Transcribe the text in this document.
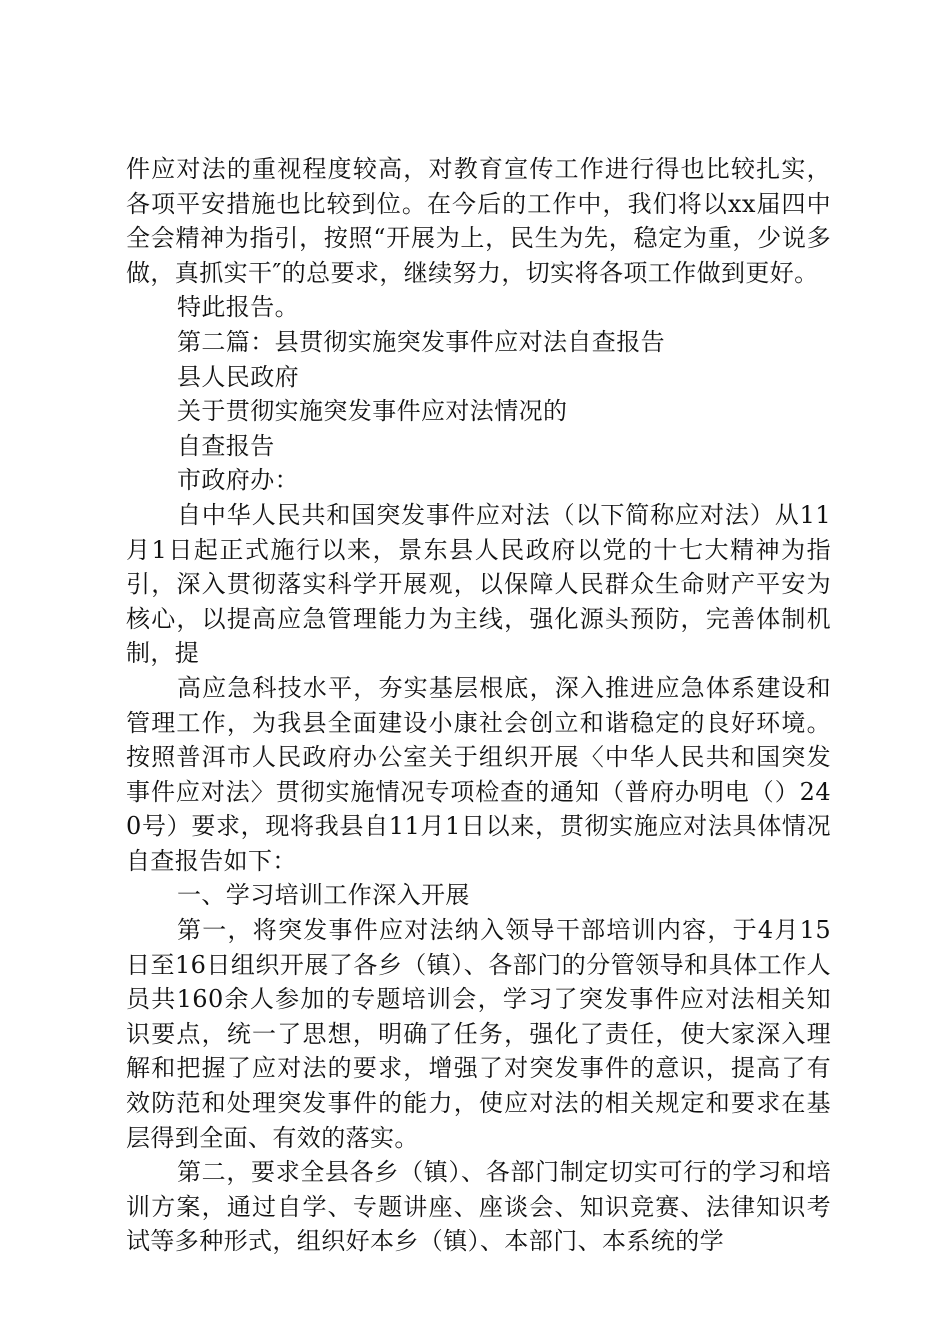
件应对法的重视程度较高，对教育宣传工作进行得也比较扎实，各项平安措施也比较到位。在今后的工作中，我们将以xx届四中全会精神为指引，按照“开展为上，民生为先，稳定为重，少说多做，真抓实干″的总要求，继续努力，切实将各项工作做到更好。

特此报告。

第二篇：县贯彻实施突发事件应对法自查报告

县人民政府

关于贯彻实施突发事件应对法情况的

自查报告

市政府办：

自中华人民共和国突发事件应对法（以下简称应对法）从11月1日起正式施行以来，景东县人民政府以党的十七大精神为指引，深入贯彻落实科学开展观，以保障人民群众生命财产平安为核心，以提高应急管理能力为主线，强化源头预防，完善体制机制，提

高应急科技水平，夯实基层根底，深入推进应急体系建设和管理工作，为我县全面建设小康社会创立和谐稳定的良好环境。按照普洱市人民政府办公室关于组织开展〈中华人民共和国突发事件应对法〉贯彻实施情况专项检查的通知（普府办明电（）240号）要求，现将我县自11月1日以来，贯彻实施应对法具体情况自查报告如下：

一、学习培训工作深入开展

第一，将突发事件应对法纳入领导干部培训内容，于4月15日至16日组织开展了各乡（镇）、各部门的分管领导和具体工作人员共160余人参加的专题培训会，学习了突发事件应对法相关知识要点，统一了思想，明确了任务，强化了责任，使大家深入理解和把握了应对法的要求，增强了对突发事件的意识，提高了有效防范和处理突发事件的能力，使应对法的相关规定和要求在基层得到全面、有效的落实。

第二，要求全县各乡（镇）、各部门制定切实可行的学习和培训方案，通过自学、专题讲座、座谈会、知识竞赛、法律知识考试等多种形式，组织好本乡（镇）、本部门、本系统的学
